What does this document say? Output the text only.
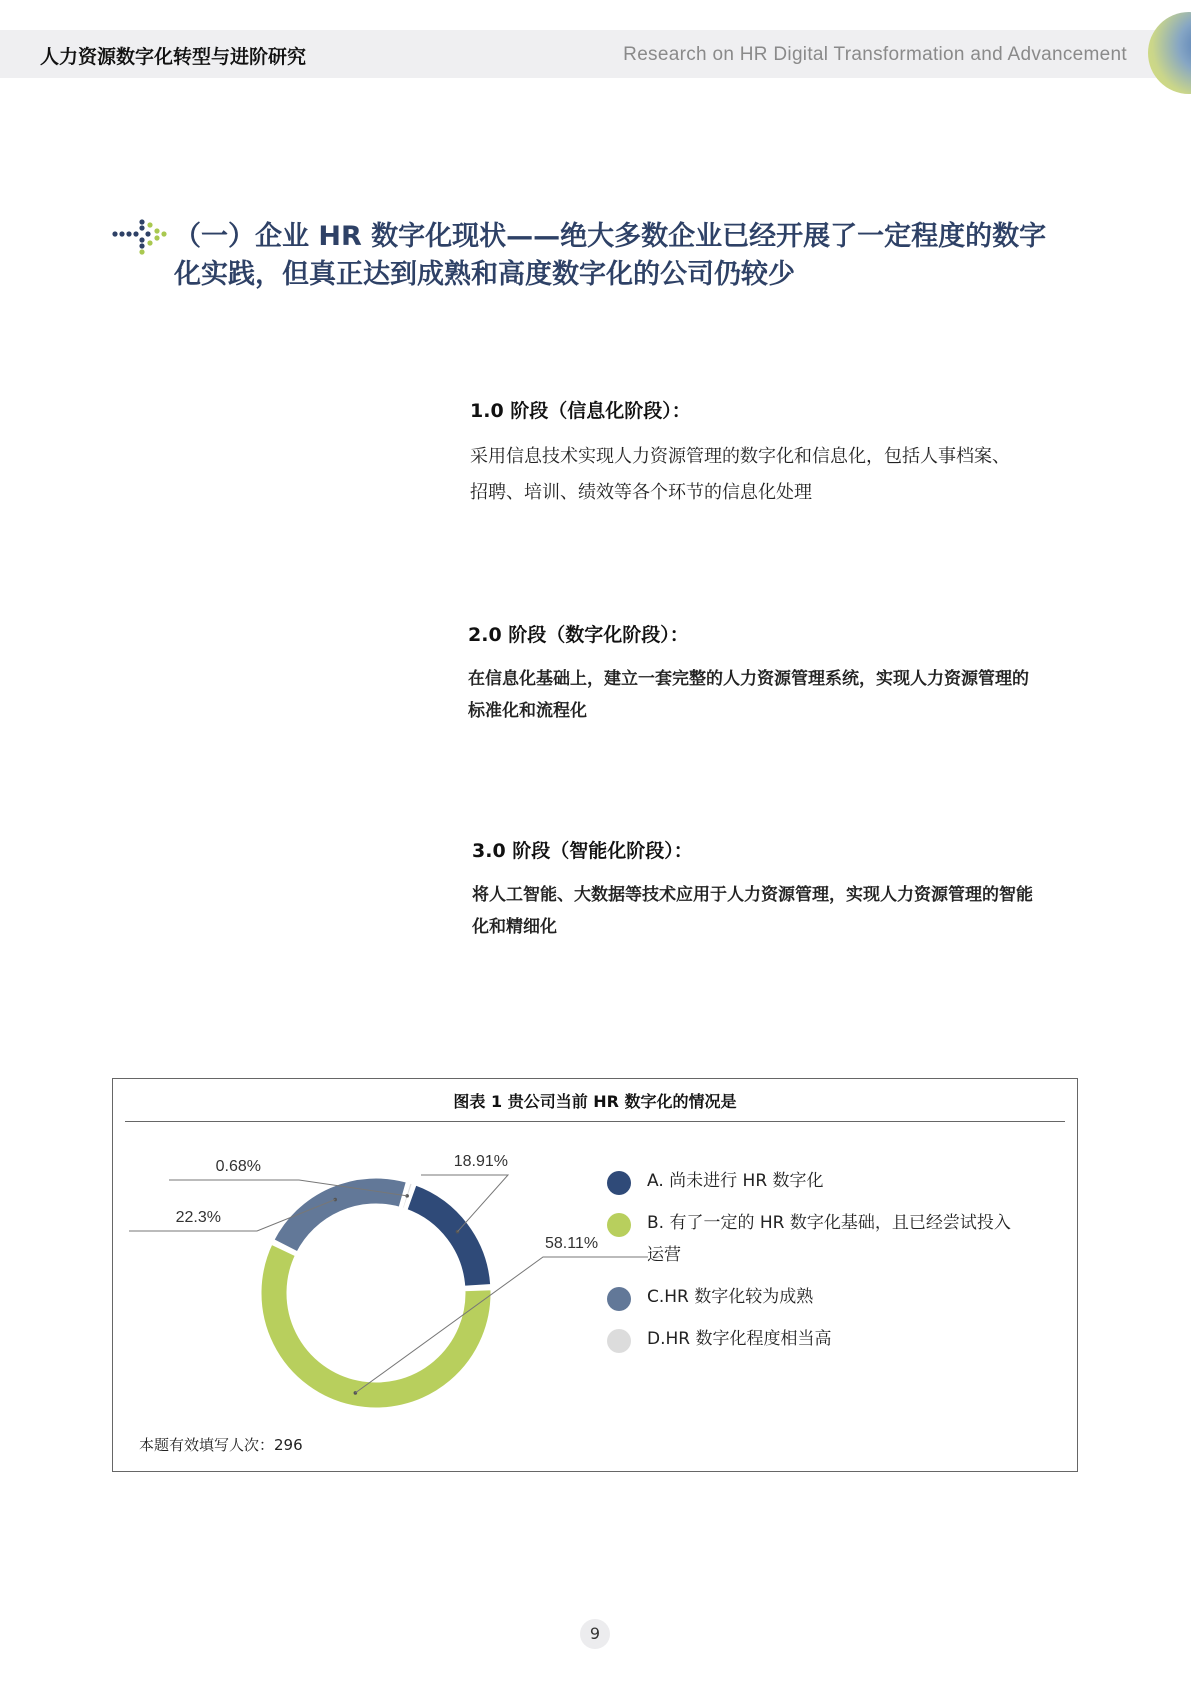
人力资源数字化转型与进阶研究	Research on HR Digital Transformation and Advancement
（一）企业 HR 数字化现状——绝大多数企业已经开展了一定程度的数字
化实践，但真正达到成熟和高度数字化的公司仍较少

1.0 阶段（信息化阶段）：

采用信息技术实现人力资源管理的数字化和信息化，包括人事档案、

招聘、培训、绩效等各个环节的信息化处理

2.0 阶段（数字化阶段）：

在信息化基础上，建立一套完整的人力资源管理系统，实现人力资源管理的

标准化和流程化

3.0 阶段（智能化阶段）：

将人工智能、大数据等技术应用于人力资源管理，实现人力资源管理的智能

化和精细化

图表 1 贵公司当前 HR 数字化的情况是
18.91%
58.11%
22.3%
0.68%
A. 尚未进行 HR 数字化
B. 有了一定的 HR 数字化基础，且已经尝试投入
运营
C.HR 数字化较为成熟
D.HR 数字化程度相当高
本题有效填写人次：296
9
